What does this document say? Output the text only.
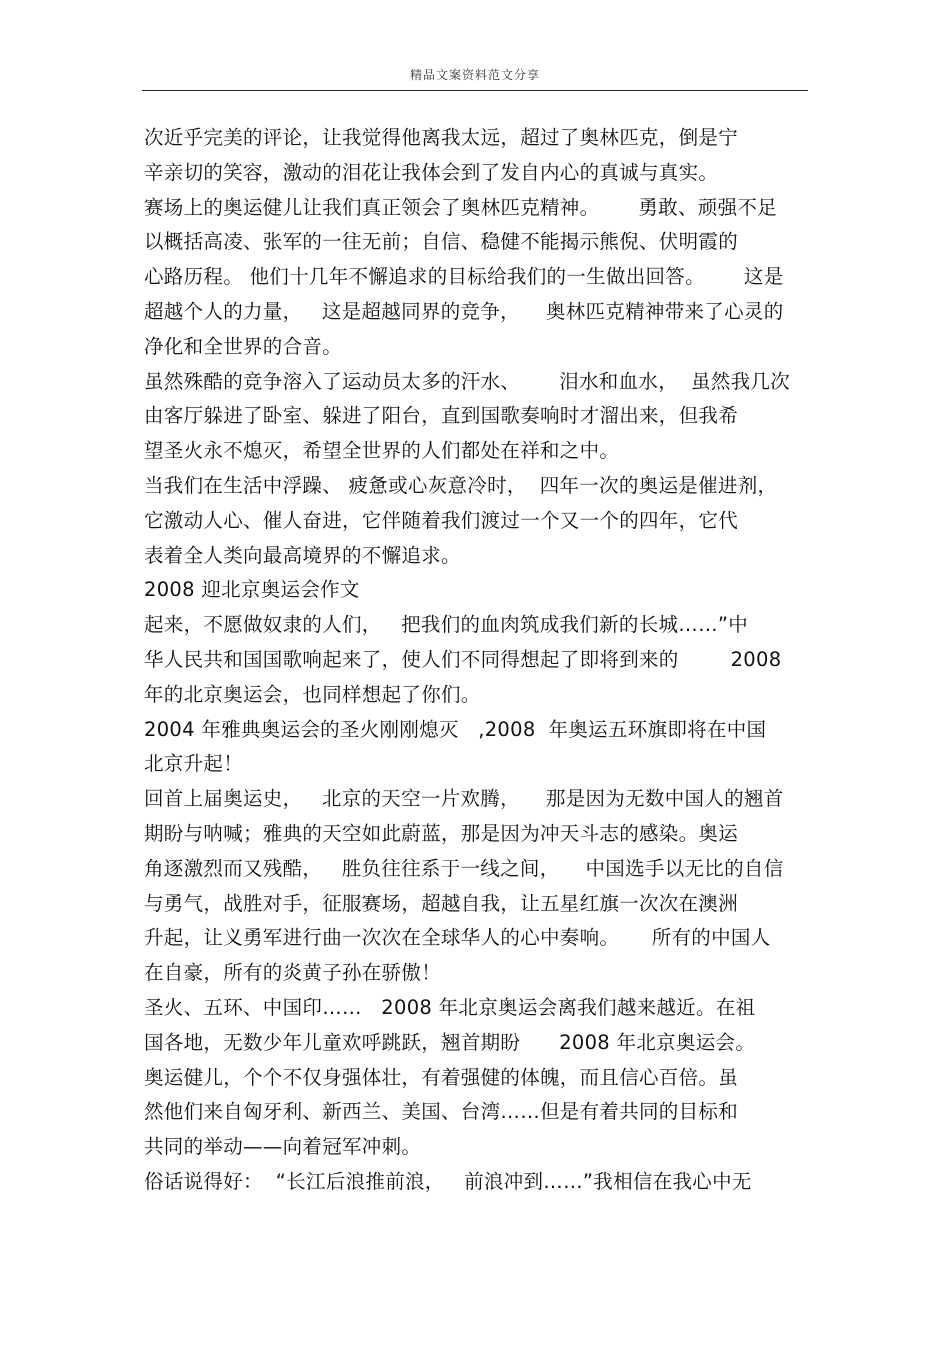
精品文案资料范文分享
次近乎完美的评论，让我觉得他离我太远，超过了奥林匹克，倒是宁
辛亲切的笑容，激动的泪花让我体会到了发自内心的真诚与真实。
赛场上的奥运健儿让我们真正领会了奥林匹克精神。      勇敢、顽强不足
以概括高凌、张军的一往无前；自信、稳健不能揭示熊倪、伏明霞的
心路历程。 他们十几年不懈追求的目标给我们的一生做出回答。      这是
超越个人的力量，   这是超越同界的竞争，    奥林匹克精神带来了心灵的
净化和全世界的合音。
虽然殊酷的竞争溶入了运动员太多的汗水、      泪水和血水，  虽然我几次
由客厅躲进了卧室、躲进了阳台，直到国歌奏响时才溜出来，但我希
望圣火永不熄灭，希望全世界的人们都处在祥和之中。
当我们在生活中浮躁、 疲惫或心灰意冷时，  四年一次的奥运是催进剂，
它激动人心、催人奋进，它伴随着我们渡过一个又一个的四年，它代
表着全人类向最高境界的不懈追求。
2008 迎北京奥运会作文
起来，不愿做奴隶的人们，   把我们的血肉筑成我们新的长城……”中
华人民共和国国歌响起来了，使人们不同得想起了即将到来的        2008
年的北京奥运会，也同样想起了你们。
2004 年雅典奥运会的圣火刚刚熄灭   ,2008  年奥运五环旗即将在中国
北京升起！
回首上届奥运史，   北京的天空一片欢腾，    那是因为无数中国人的翘首
期盼与呐喊；雅典的天空如此蔚蓝，那是因为冲天斗志的感染。奥运
角逐激烈而又残酷，   胜负往往系于一线之间，    中国选手以无比的自信
与勇气，战胜对手，征服赛场，超越自我，让五星红旗一次次在澳洲
升起，让义勇军进行曲一次次在全球华人的心中奏响。     所有的中国人
在自豪，所有的炎黄子孙在骄傲！
圣火、五环、中国印……   2008 年北京奥运会离我们越来越近。在祖
国各地，无数少年儿童欢呼跳跃，翘首期盼      2008 年北京奥运会。
奥运健儿，个个不仅身强体壮，有着强健的体魄，而且信心百倍。虽
然他们来自匈牙利、新西兰、美国、台湾……但是有着共同的目标和
共同的举动——向着冠军冲刺。
俗话说得好：  “长江后浪推前浪，   前浪冲到……”我相信在我心中无
